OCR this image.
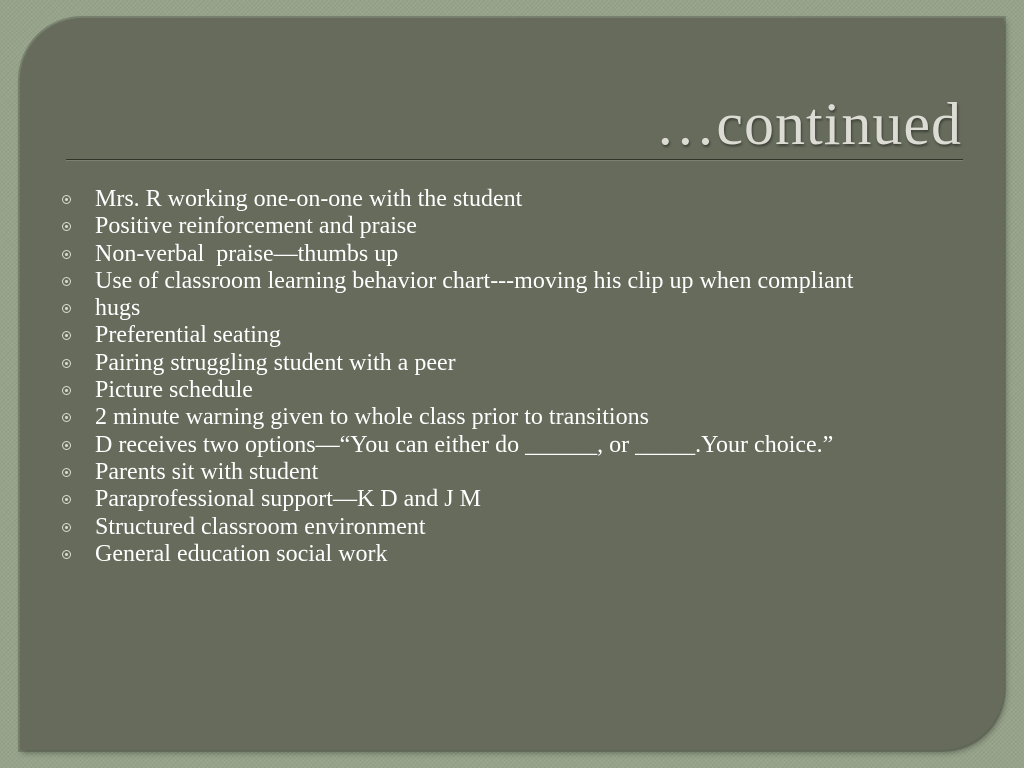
…continued
Mrs. R working one-on-one with the student
Positive reinforcement and praise
Non-verbal  praise—thumbs up
Use of classroom learning behavior chart---moving his clip up when compliant
hugs
Preferential seating
Pairing struggling student with a peer
Picture schedule
2 minute warning given to whole class prior to transitions
D receives two options—“You can either do ______, or _____.Your choice.”
Parents sit with student
Paraprofessional support—K D and J M
Structured classroom environment
General education social work
